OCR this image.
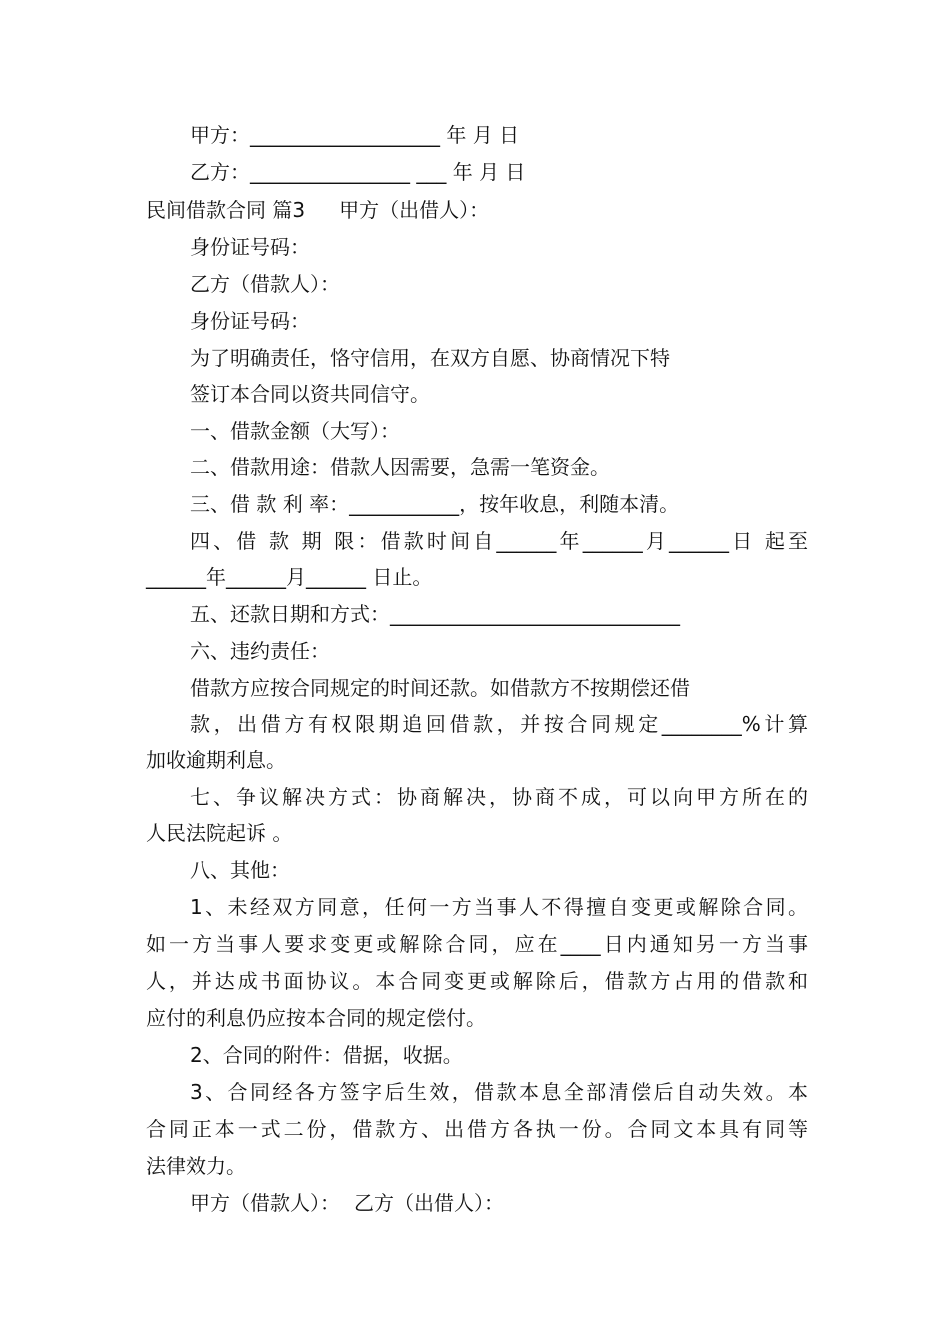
甲方：___________________ 年 月 日
乙方：________________ ___ 年 月 日
民间借款合同 篇3 甲方（出借人）：
身份证号码：
乙方（借款人）：
身份证号码：
为了明确责任，恪守信用，在双方自愿、协商情况下特
签订本合同以资共同信守。
一、借款金额（大写）：
二、借款用途：借款人因需要，急需一笔资金。
三、借 款 利 率：___________，按年收息，利随本清。
四、借 款 期 限：借款时间自______年______月______日 起至
______年______月______ 日止。
五、还款日期和方式：_____________________________
六、违约责任：
借款方应按合同规定的时间还款。如借款方不按期偿还借
款，出借方有权限期追回借款，并按合同规定________%计算
加收逾期利息。
七、争议解决方式：协商解决，协商不成，可以向甲方所在的
人民法院起诉 。
八、其他：
1、未经双方同意，任何一方当事人不得擅自变更或解除合同。
如一方当事人要求变更或解除合同，应在____日内通知另一方当事
人，并达成书面协议。本合同变更或解除后，借款方占用的借款和
应付的利息仍应按本合同的规定偿付。
2、合同的附件：借据，收据。
3、合同经各方签字后生效，借款本息全部清偿后自动失效。本
合同正本一式二份，借款方、出借方各执一份。合同文本具有同等
法律效力。
甲方（借款人）： 乙方（出借人）：
